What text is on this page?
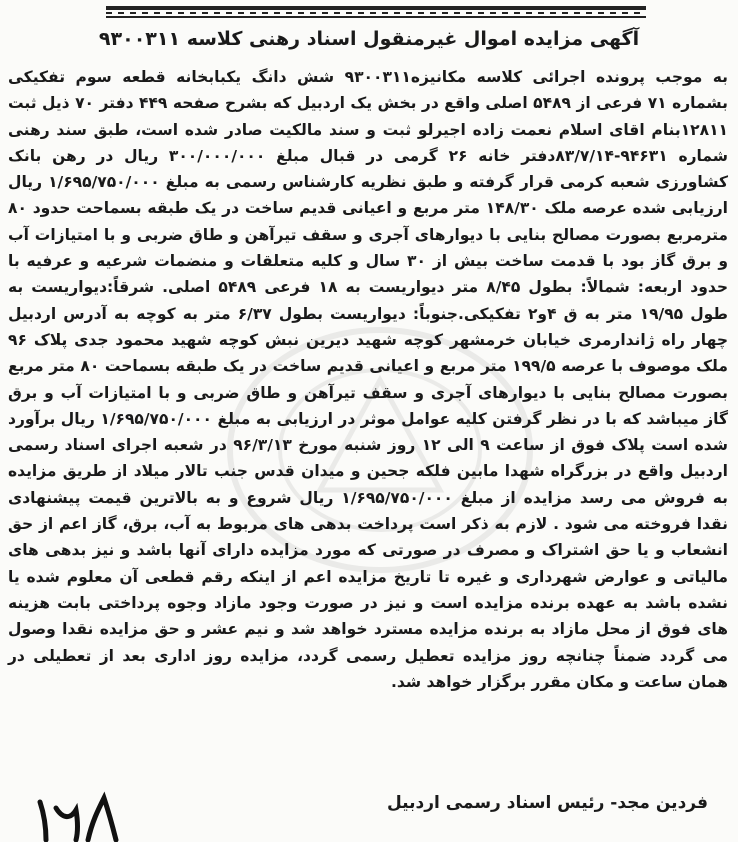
آگهی مزایده اموال غیرمنقول اسناد رهنی کلاسه ۹۳۰۰۳۱۱

به موجب پرونده اجرائی کلاسه مکانیزه۹۳۰۰۳۱۱ شش دانگ یکبابخانه قطعه سوم تفکیکی بشماره ۷۱ فرعی از ۵۴۸۹ اصلی واقع در بخش یک اردبیل که بشرح صفحه ۴۴۹ دفتر ۷۰ ذیل ثبت ۱۲۸۱۱بنام اقای اسلام نعمت زاده اجیرلو ثبت و سند مالکیت صادر شده است، طبق سند رهنی شماره ۹۴۶۳۱-۸۳/۷/۱۴دفتر خانه ۲۶ گرمی در قبال مبلغ ۳۰۰/۰۰۰/۰۰۰ ریال در رهن بانک کشاورزی شعبه کرمی قرار گرفته و طبق نظریه کارشناس رسمی به مبلغ ۱/۶۹۵/۷۵۰/۰۰۰ ریال ارزیابی شده عرصه ملک ۱۴۸/۳۰ متر مربع و اعیانی قدیم ساخت در یک طبقه بسماحت حدود ۸۰ مترمربع بصورت مصالح بنایی با دیوارهای آجری و سقف تیرآهن و طاق ضربی و با امتیازات آب و برق گاز بود با قدمت ساخت بیش از ۳۰ سال و کلیه متعلقات و منضمات شرعیه و عرفیه با حدود اربعه: شمالاً: بطول ۸/۴۵ متر دیواریست به ۱۸ فرعی ۵۴۸۹ اصلی. شرقاً:دیواریست به طول ۱۹/۹۵ متر به ق ۴و۲ تفکیکی.جنوباً: دیواریست بطول ۶/۳۷ متر به کوچه به آدرس اردبیل چهار راه ژاندارمری خیابان خرمشهر کوچه شهید دیرین نبش کوچه شهید محمود جدی پلاک ۹۶ ملک موصوف با عرصه ۱۹۹/۵ متر مربع و اعیانی قدیم ساخت در یک طبقه بسماحت ۸۰ متر مربع بصورت مصالح بنایی با دیوارهای آجری و سقف تیرآهن و طاق ضربی و با امتیازات آب و برق گاز میباشد که با در نظر گرفتن کلیه عوامل موثر در ارزیابی به مبلغ ۱/۶۹۵/۷۵۰/۰۰۰ ریال برآورد شده است پلاک فوق از ساعت ۹ الی ۱۲ روز شنبه مورخ ۹۶/۳/۱۳ در شعبه اجرای اسناد رسمی اردبیل واقع در بزرگراه شهدا مابین فلکه جحین و میدان قدس جنب تالار میلاد از طریق مزایده به فروش می رسد مزایده از مبلغ ۱/۶۹۵/۷۵۰/۰۰۰ ریال شروع و به بالاترین قیمت پیشنهادی نقدا فروخته می شود . لازم به ذکر است پرداخت بدهی های مربوط به آب، برق، گاز اعم از حق انشعاب و یا حق اشتراک و مصرف در صورتی که مورد مزایده دارای آنها باشد و نیز بدهی های مالیاتی و عوارض شهرداری و غیره تا تاریخ مزایده اعم از اینکه رقم قطعی آن معلوم شده یا نشده باشد به عهده برنده مزایده است و نیز در صورت وجود مازاد وجوه پرداختی بابت هزینه های فوق از محل مازاد به برنده مزایده مسترد خواهد شد و نیم عشر و حق مزایده نقدا وصول می گردد ضمناً چنانچه روز مزایده تعطیل رسمی گردد، مزایده روز اداری بعد از تعطیلی در همان ساعت و مکان مقرر برگزار خواهد شد.

فردین مجد- رئیس اسناد رسمی اردبیل
